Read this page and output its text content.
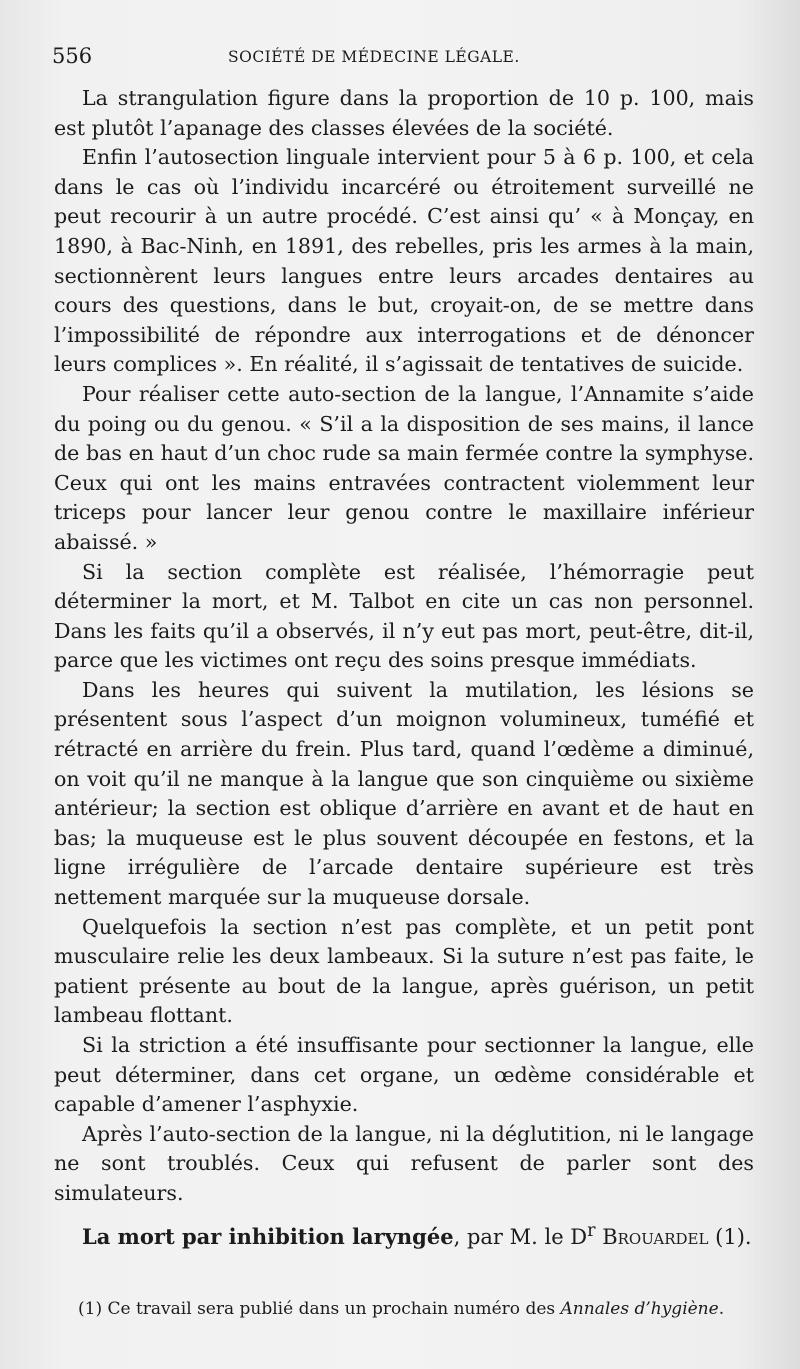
556	SOCIÉTÉ DE MÉDECINE LÉGALE.

La strangulation figure dans la proportion de 10 p. 100, mais est plutôt l’apanage des classes élevées de la société.

Enfin l’autosection linguale intervient pour 5 à 6 p. 100, et cela dans le cas où l’individu incarcéré ou étroitement surveillé ne peut recourir à un autre procédé. C’est ainsi qu’ « à Monçay, en 1890, à Bac-Ninh, en 1891, des rebelles, pris les armes à la main, sectionnèrent leurs langues entre leurs arcades dentaires au cours des questions, dans le but, croyait-on, de se mettre dans l’impossibilité de répondre aux interrogations et de dénoncer leurs complices ». En réalité, il s’agissait de tentatives de suicide.

Pour réaliser cette auto-section de la langue, l’Annamite s’aide du poing ou du genou. « S’il a la disposition de ses mains, il lance de bas en haut d’un choc rude sa main fermée contre la symphyse. Ceux qui ont les mains entravées contractent violemment leur triceps pour lancer leur genou contre le maxillaire inférieur abaissé. »

Si la section complète est réalisée, l’hémorragie peut déterminer la mort, et M. Talbot en cite un cas non personnel. Dans les faits qu’il a observés, il n’y eut pas mort, peut-être, dit-il, parce que les victimes ont reçu des soins presque immédiats.

Dans les heures qui suivent la mutilation, les lésions se présentent sous l’aspect d’un moignon volumineux, tuméfié et rétracté en arrière du frein. Plus tard, quand l’œdème a diminué, on voit qu’il ne manque à la langue que son cinquième ou sixième antérieur; la section est oblique d’arrière en avant et de haut en bas; la muqueuse est le plus souvent découpée en festons, et la ligne irrégulière de l’arcade dentaire supérieure est très nettement marquée sur la muqueuse dorsale.

Quelquefois la section n’est pas complète, et un petit pont musculaire relie les deux lambeaux. Si la suture n’est pas faite, le patient présente au bout de la langue, après guérison, un petit lambeau flottant.

Si la striction a été insuffisante pour sectionner la langue, elle peut déterminer, dans cet organe, un œdème considérable et capable d’amener l’asphyxie.

Après l’auto-section de la langue, ni la déglutition, ni le langage ne sont troublés. Ceux qui refusent de parler sont des simulateurs.

La mort par inhibition laryngée, par M. le $D^r$ Brouardel (1).
(1) Ce travail sera publié dans un prochain numéro des Annales d’hygiène.
